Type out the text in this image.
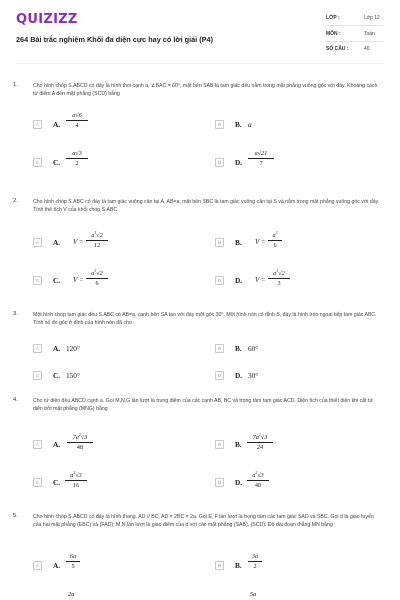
QUIZIZZ
264 Bài trắc nghiệm Khối đa diện cực hay có lời giải (P4)
LỚP :	Lớp 12
MÔN :	Toán
SỐ CÂU :	40
1.	Cho hình chóp S.ABCD có đáy là hình thoi cạnh a, ∠BAC = 60°, mặt bên SAB là tam giác đều nằm trong mặt phẳng vuông góc với đáy. Khoảng cách từ điểm A đến mặt phẳng (SCD) bằng
A	A.
a√6
4	B	B. a
C	C.
a√3
2	D	D.
a√21
7
2.	Cho hình chóp S.ABC có đáy là tam giác vuông cân tại A, AB=a, mặt bên SBC là tam giác vuông cân tại S và nằm trong mặt phẳng vuông góc với đáy. Tính thể tích V của khối chóp S.ABC
A	A. V =
$a^3√2$
12	B	B. V =
$a^3$
6
C	C. V =
$a^3√2$
6	D	D. V =
$a^3√2$
3
3.	Một hình chóp tam giác đều S.ABC có AB=a, cạnh bên SA tạo với đáy một góc 30°. Một hình nón có đỉnh S, đáy là hình tròn ngoại tiếp tam giác ABC. Tính số đo góc ở đỉnh của hình nón đã cho
A	A. 120°	B	B. 60°
C	C. 150°	D	D. 30°
4.	Cho tứ diện đều ABCD cạnh a. Gọi M,N,G lần lượt là trung điểm của các cạnh AB, BC và trọng tâm tam giác ACD. Diện tích của thiết diện khi cắt tứ diện bởi mặt phẳng (MNG) bằng
A	A.
$7a^2√3$
48	B	B.
$7a^2√3$
24
C	C.
$a^2√3$
16	D	D.
$a^2√3$
48
5.	Cho hình chóp S.ABCD có đáy là hình thang. AD // BC, AD = 2BC = 2a. Gọi E, F lần lượt là trọng tâm các tam giác SAD và SBC. Gọi d là giao tuyến của hai mặt phẳng (EBC) và (FAD); M,N lần lượt là giao điểm của d với các mặt phẳng (SAB), (SCD). Độ dài đoạn thẳng MN bằng
A	A.
6a
5	B	B.
3a
2
2a	5a
